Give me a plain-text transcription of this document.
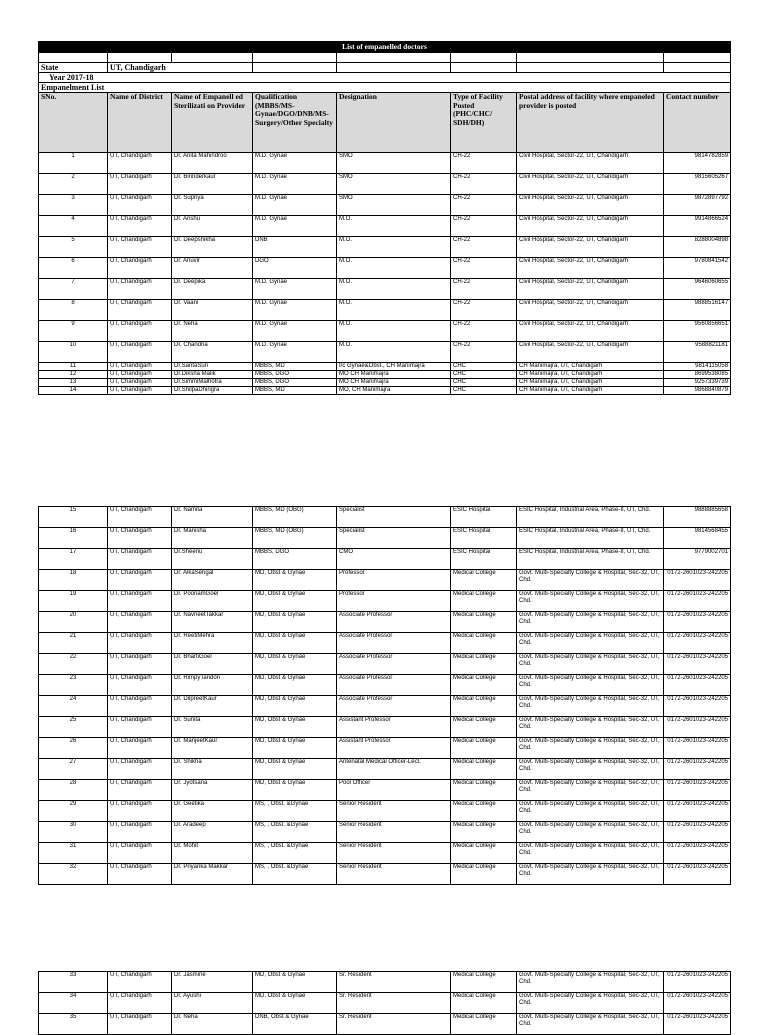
List of empanelled doctors							

State	UT, Chandigarh						
Year 2017-18							
Empanelment List							
SNo.	Name of District	Name of Empanell ed Sterilizati on Provider	Qualification (MBBS/MS-Gynae/DGO/DNB/MS-Surgery/Other Specialty	Designation	Type of Facility Posted (PHC/CHC/ SDH/DH)	Postal address of facility where empaneled provider is posted	Contact number
1	UT, Chandigarh	Dr. Anita Mahindroo	M.D. Gynae	SMO	CH-22	Civil Hospital, Sector-22, UT, Chandigarh	9814782859
2	UT, Chandigarh	Dr. Birinderkaur	M.D. Gynae	SMO	CH-22	Civil Hospital, Sector-22, UT, Chandigarh	9815605267
3	UT, Chandigarh	Dr. Supriya	M.D. Gynae	SMO	CH-22	Civil Hospital, Sector-22, UT, Chandigarh	9872897792
4	UT, Chandigarh	Dr. Anshu	M.D. Gynae	M.O.	CH-22	Civil Hospital, Sector-22, UT, Chandigarh	9914866524
5	UT, Chandigarh	Dr. Deepshikha	DNB	M.O.	CH-22	Civil Hospital, Sector-22, UT, Chandigarh	8288004898
6	UT, Chandigarh	Dr. Anuvir	DGO	M.O.	CH-22	Civil Hospital, Sector-22, UT, Chandigarh	9780841542
7	UT, Chandigarh	Dr. Deepika	M.D. Gynae	M.O.	CH-22	Civil Hospital, Sector-22, UT, Chandigarh	9646060655
8	UT, Chandigarh	Dr. Vaani	M.D. Gynae	M.O.	CH-22	Civil Hospital, Sector-22, UT, Chandigarh	9888516147
9	UT, Chandigarh	Dr. Neha	M.D. Gynae	M.O.	CH-22	Civil Hospital, Sector-22, UT, Chandigarh	9560856651
10	UT, Chandigarh	Dr. Chandna	M.D. Gynae	M.O.	CH-22	Civil Hospital, Sector-22, UT, Chandigarh	9588821181
11	UT, Chandigarh	Dr.SaritaSuri	MBBS, MD	I/c Gynae&Obst., CH Manimajra	CHC	CH Manimajra, UT, Chandigarh	9814115058
12	UT, Chandigarh	Dr.Diksha Malik	MBBS, DGO	MO CH Manimajra	CHC	CH Manimajra, UT, Chandigarh	8699538085
13	UT, Chandigarh	Dr.SimmiMalhotra	MBBS, DGO	MO CH Manimajra	CHC	CH Manimajra, UT, Chandigarh	9257339739
14	UT, Chandigarh	Dr.ShilpaDhingra	MBBS, MD	MO, CH Manimajra	CHC	CH Manimajra, UT, Chandigarh	9868840879
15	UT, Chandigarh	Dr. Namita	MBBS, MD (OBG)	Specialist	ESIC Hospital	ESIC Hospital, Industrial Area, Phase-II, UT, Chd.	9888885658
16	UT, Chandigarh	Dr. Manisha	MBBS, MD (OBG)	Specialist	ESIC Hospital	ESIC Hospital, Industrial Area, Phase-II, UT, Chd.	9814568455
17	UT, Chandigarh	Dr.Sheenu	MBBS, DGO	CMO	ESIC Hospital	ESIC Hospital, Industrial Area, Phase-II, UT, Chd.	9779002701
18	UT, Chandigarh	Dr. AlkaSehgal	MD, Obst & Gynae	Professor	Medical College	Govt. Multi-Specialty College & Hospital, Sec-32, UT, Chd.	0172-2601023-242205
19	UT, Chandigarh	Dr. PoonamGoel	MD, Obst & Gynae	Professor	Medical College	Govt. Multi-Specialty College & Hospital, Sec-32, UT, Chd.	0172-2601023-242205
20	UT, Chandigarh	Dr. NavneetTakkar	MD, Obst & Gynae	Associate Professor	Medical College	Govt. Multi-Specialty College & Hospital, Sec-32, UT, Chd.	0172-2601023-242205
21	UT, Chandigarh	Dr. ReetiMehra	MD, Obst & Gynae	Associate Professor	Medical College	Govt. Multi-Specialty College & Hospital, Sec-32, UT, Chd.	0172-2601023-242205
22	UT, Chandigarh	Dr. BhartiGoel	MD, Obst & Gynae	Associate Professor	Medical College	Govt. Multi-Specialty College & Hospital, Sec-32, UT, Chd.	0172-2601023-242205
23	UT, Chandigarh	Dr. RimpyTandon	MD, Obst & Gynae	Associate Professor	Medical College	Govt. Multi-Specialty College & Hospital, Sec-32, UT, Chd.	0172-2601023-242205
24	UT, Chandigarh	Dr. DilpreetKaur	MD, Obst & Gynae	Associate Professor	Medical College	Govt. Multi-Specialty College & Hospital, Sec-32, UT, Chd.	0172-2601023-242205
25	UT, Chandigarh	Dr. Sunita	MD, Obst & Gynae	Assistant Professor	Medical College	Govt. Multi-Specialty College & Hospital, Sec-32, UT, Chd.	0172-2601023-242205
26	UT, Chandigarh	Dr. ManjeetKaur	MD, Obst & Gynae	Assistant Professor	Medical College	Govt. Multi-Specialty College & Hospital, Sec-32, UT, Chd.	0172-2601023-242205
27	UT, Chandigarh	Dr. Shikha	MD, Obst & Gynae	Antenatal Medical Officer-Lect.	Medical College	Govt. Multi-Specialty College & Hospital, Sec-32, UT, Chd.	0172-2601023-242205
28	UT, Chandigarh	Dr. Jyotsana	MD, Obst & Gynae	Pool Officer	Medical College	Govt. Multi-Specialty College & Hospital, Sec-32, UT, Chd.	0172-2601023-242205
29	UT, Chandigarh	Dr. Geetika	MS, , Obst. &Gynae	Senior Resident	Medical College	Govt. Multi-Specialty College & Hospital, Sec-32, UT, Chd.	0172-2601023-242205
30	UT, Chandigarh	Dr. Aradeep	MS, , Obst. &Gynae	Senior Resident	Medical College	Govt. Multi-Specialty College & Hospital, Sec-32, UT, Chd.	0172-2601023-242205
31	UT, Chandigarh	Dr. Mohit	MS, , Obst. &Gynae	Senior Resident	Medical College	Govt. Multi-Specialty College & Hospital, Sec-32, UT, Chd.	0172-2601023-242205
32	UT, Chandigarh	Dr. Priyanka Makkar	MS, , Obst. &Gynae	Senior Resident	Medical College	Govt. Multi-Specialty College & Hospital, Sec-32, UT, Chd.	0172-2601023-242205
33	UT, Chandigarh	Dr. Jasmine	MD, Obst & Gynae	Sr. Resident	Medical College	Govt. Multi-Specialty College & Hospital, Sec-32, UT, Chd.	0172-2601023-242205
34	UT, Chandigarh	Dr. Ayushi	MD, Obst & Gynae	Sr. Resident	Medical College	Govt. Multi-Specialty College & Hospital, Sec-32, UT, Chd.	0172-2601023-242205
35	UT, Chandigarh	Dr. Neha	DNB, Obst & Gynae	Sr. Resident	Medical College	Govt. Multi-Specialty College & Hospital, Sec-32, UT, Chd.	0172-2601023-242205
